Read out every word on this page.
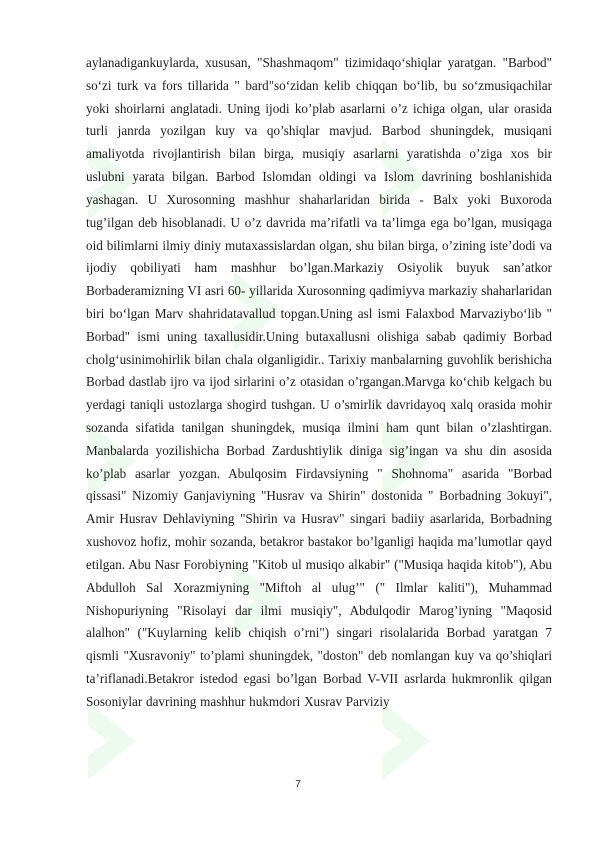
aylanadigankuylarda, xususan, "Shashmaqom" tizimidaqo‘shiqlar yaratgan. "Barbod" so‘zi turk va fors tillarida " bard"so‘zidan kelib chiqqan bo‘lib, bu so‘zmusiqachilar yoki shoirlarni anglatadi. Uning ijodi ko’plab asarlarni o’z ichiga olgan, ular orasida turli janrda yozilgan kuy va qo’shiqlar mavjud. Barbod shuningdek, musiqani amaliyotda rivojlantirish bilan birga, musiqiy asarlarni yaratishda o’ziga xos bir uslubni yarata bilgan. Barbod Islomdan oldingi va Islom davrining boshlanishida yashagan. U Xurosonning mashhur shaharlaridan birida - Balx yoki Buxoroda tug’ilgan deb hisoblanadi. U o’z davrida ma’rifatli va ta’limga ega bo’lgan, musiqaga oid bilimlarni ilmiy diniy mutaxassislardan olgan, shu bilan birga, o’zining iste’dodi va ijodiy qobiliyati ham mashhur bo’lgan.Markaziy Osiyolik buyuk san’atkor Borbaderamizning VI asri 60- yillarida Xurosonning qadimiyva markaziy shaharlaridan biri bo‘lgan Marv shahridatavallud topgan.Uning asl ismi Falaxbod Marvaziybo‘lib " Borbad" ismi uning taxallusidir.Uning butaxallusni olishiga sabab qadimiy Borbad cholg‘usinimohirlik bilan chala olganligidir.. Tarixiy manbalarning guvohlik berishicha Borbad dastlab ijro va ijod sirlarini o’z otasidan o’rgangan.Marvga ko‘chib kelgach bu yerdagi taniqli ustozlarga shogird tushgan. U o’smirlik davridayoq xalq orasida mohir sozanda sifatida tanilgan shuningdek, musiqa ilmini ham qunt bilan o’zlashtirgan. Manbalarda yozilishicha Borbad Zardushtiylik diniga sig’ingan va shu din asosida ko’plab asarlar yozgan. Abulqosim Firdavsiyning " Shohnoma" asarida "Borbad qissasi" Nizomiy Ganjaviyning "Husrav va Shirin" dostonida " Borbadning 3okuyi", Amir Husrav Dehlaviyning "Shirin va Husrav" singari badiiy asarlarida, Borbadning xushovoz hofiz, mohir sozanda, betakror bastakor bo’lganligi haqida ma’lumotlar qayd etilgan. Abu Nasr Forobiyning "Kitob ul musiqo alkabir" ("Musiqa haqida kitob"), Abu Abdulloh Sal Xorazmiyning "Miftoh al ulug’" (" Ilmlar kaliti"), Muhammad Nishopuriyning "Risolayi dar ilmi musiqiy", Abdulqodir Marog’iyning "Maqosid alalhon" ("Kuylarning kelib chiqish o’rni") singari risolalarida Borbad yaratgan 7 qismli "Xusravoniy" to’plami shuningdek, "doston" deb nomlangan kuy va qo’shiqlari ta’riflanadi.Betakror istedod egasi bo’lgan Borbad V-VII asrlarda hukmronlik qilgan Sosoniylar davrining mashhur hukmdori Xusrav Parviziy

7
